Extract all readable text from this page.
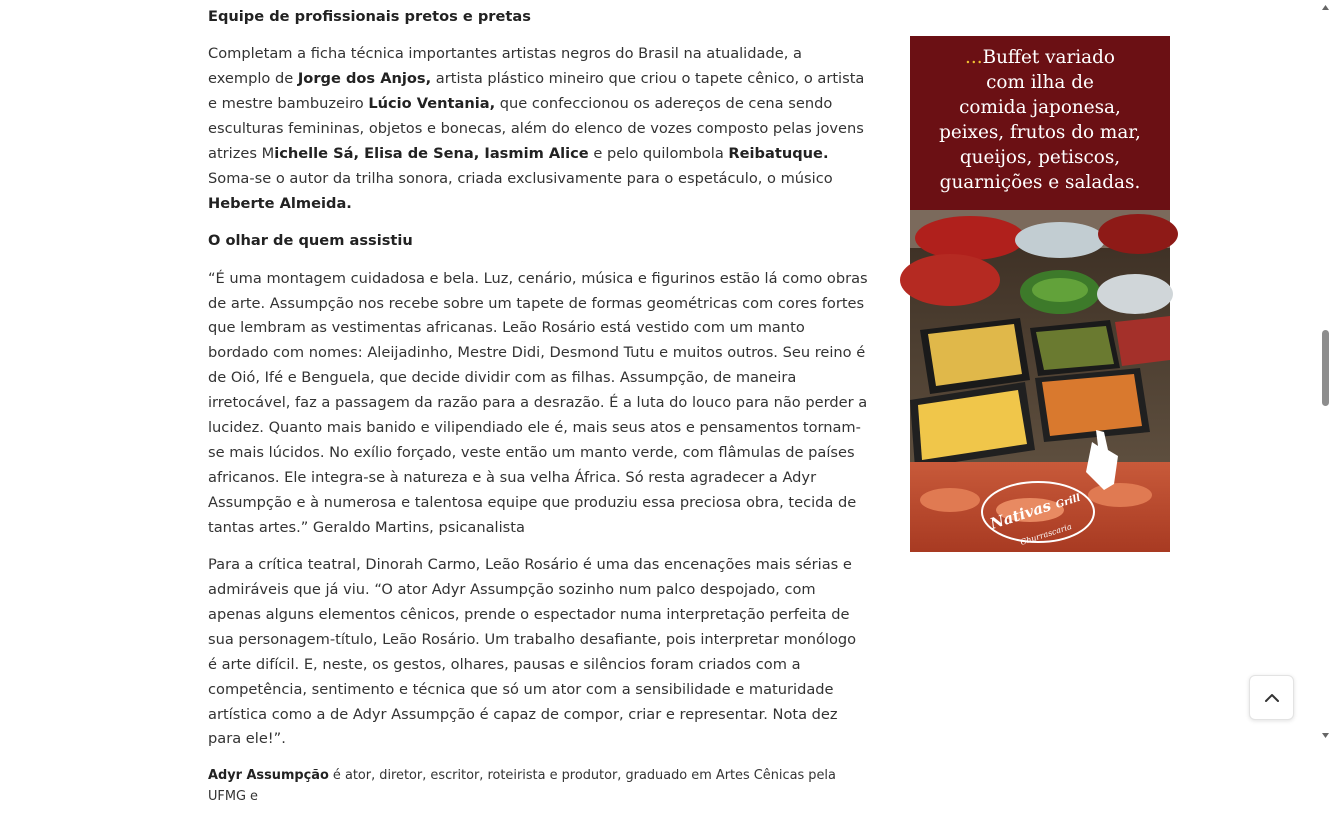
Equipe de profissionais pretos e pretas

Completam a ficha técnica importantes artistas negros do Brasil na atualidade, a exemplo de Jorge dos Anjos, artista plástico mineiro que criou o tapete cênico, o artista e mestre bambuzeiro Lúcio Ventania, que confeccionou os adereços de cena sendo esculturas femininas, objetos e bonecas, além do elenco de vozes composto pelas jovens atrizes Michelle Sá, Elisa de Sena, Iasmim Alice e pelo quilombola Reibatuque. Soma-se o autor da trilha sonora, criada exclusivamente para o espetáculo, o músico Heberte Almeida.

O olhar de quem assistiu

“É uma montagem cuidadosa e bela. Luz, cenário, música e figurinos estão lá como obras de arte. Assumpção nos recebe sobre um tapete de formas geométricas com cores fortes que lembram as vestimentas africanas. Leão Rosário está vestido com um manto bordado com nomes: Aleijadinho, Mestre Didi, Desmond Tutu e muitos outros. Seu reino é de Oió, Ifé e Benguela, que decide dividir com as filhas. Assumpção, de maneira irretocável, faz a passagem da razão para a desrazão. É a luta do louco para não perder a lucidez. Quanto mais banido e vilipendiado ele é, mais seus atos e pensamentos tornam-se mais lúcidos. No exílio forçado, veste então um manto verde, com flâmulas de países africanos. Ele integra-se à natureza e à sua velha África. Só resta agradecer a Adyr Assumpção e à numerosa e talentosa equipe que produziu essa preciosa obra, tecida de tantas artes.” Geraldo Martins, psicanalista

Para a crítica teatral, Dinorah Carmo, Leão Rosário é uma das encenações mais sérias e admiráveis que já viu. “O ator Adyr Assumpção sozinho num palco despojado, com apenas alguns elementos cênicos, prende o espectador numa interpretação perfeita de sua personagem-título, Leão Rosário. Um trabalho desafiante, pois interpretar monólogo é arte difícil. E, neste, os gestos, olhares, pausas e silêncios foram criados com a competência, sentimento e técnica que só um ator com a sensibilidade e maturidade artística como a de Adyr Assumpção é capaz de compor, criar e representar. Nota dez para ele!”.

Adyr Assumpção é ator, diretor, escritor, roteirista e produtor, graduado em Artes Cênicas pela UFMG e

...Buffet variado
com ilha de
comida japonesa,
peixes, frutos do mar,
queijos, petiscos,
guarnições e saladas.
Nativas Grill
Churrascaria
